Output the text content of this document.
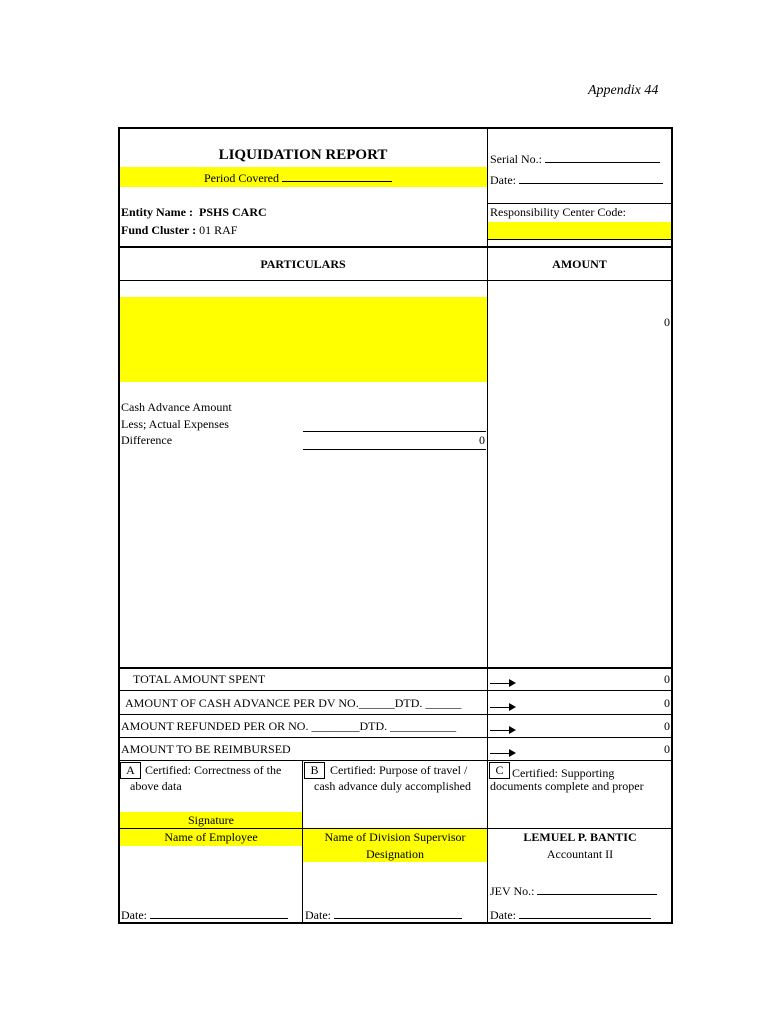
Appendix 44
LIQUIDATION REPORT
Period Covered
Serial No.:
Date:
Responsibility Center Code:
Entity Name : PSHS CARC
Fund Cluster : 01 RAF
PARTICULARS	AMOUNT
0
Cash Advance Amount
Less; Actual Expenses
Difference	0
TOTAL AMOUNT SPENT	0
AMOUNT OF CASH ADVANCE PER DV NO.______DTD. ______	0
AMOUNT REFUNDED PER OR NO. ________DTD. ___________	0
AMOUNT TO BE REIMBURSED	0
A Certified: Correctness of the
above data
Signature
Name of Employee
Date:
B Certified: Purpose of travel /
cash advance duly accomplished
Name of Division Supervisor
Designation
Date:
C Certified: Supporting
documents complete and proper
LEMUEL P. BANTIC
Accountant II
JEV No.:
Date:
